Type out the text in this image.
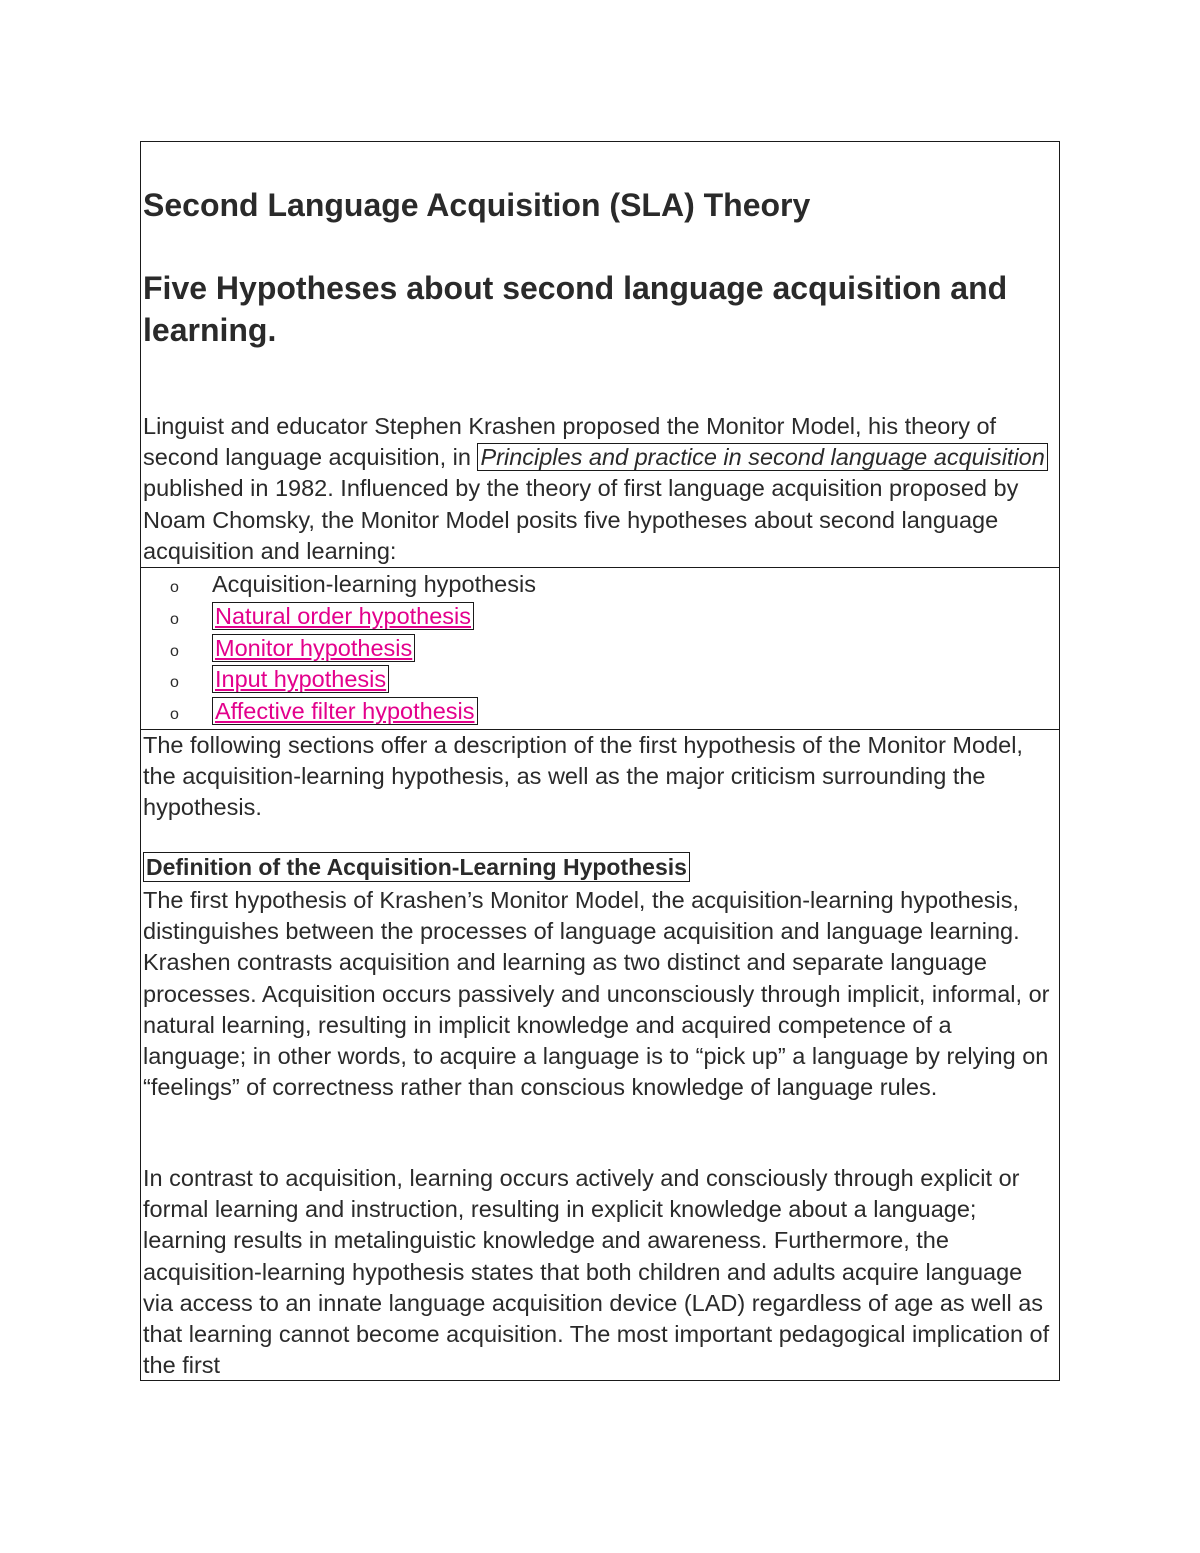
Second Language Acquisition (SLA) Theory
Five Hypotheses about second language acquisition and learning.

Linguist and educator Stephen Krashen proposed the Monitor Model, his theory of second language acquisition, in Principles and practice in second language acquisition published in 1982. Influenced by the theory of first language acquisition proposed by Noam Chomsky, the Monitor Model posits five hypotheses about second language acquisition and learning:

o Acquisition-learning hypothesis
o Natural order hypothesis
o Monitor hypothesis
o Input hypothesis
o Affective filter hypothesis

The following sections offer a description of the first hypothesis of the Monitor Model, the acquisition-learning hypothesis, as well as the major criticism surrounding the hypothesis.

Definition of the Acquisition-Learning Hypothesis

The first hypothesis of Krashen’s Monitor Model, the acquisition-learning hypothesis, distinguishes between the processes of language acquisition and language learning. Krashen contrasts acquisition and learning as two distinct and separate language processes. Acquisition occurs passively and unconsciously through implicit, informal, or natural learning, resulting in implicit knowledge and acquired competence of a language; in other words, to acquire a language is to “pick up” a language by relying on “feelings” of correctness rather than conscious knowledge of language rules.

In contrast to acquisition, learning occurs actively and consciously through explicit or formal learning and instruction, resulting in explicit knowledge about a language; learning results in metalinguistic knowledge and awareness. Furthermore, the acquisition-learning hypothesis states that both children and adults acquire language via access to an innate language acquisition device (LAD) regardless of age as well as that learning cannot become acquisition. The most important pedagogical implication of the first
